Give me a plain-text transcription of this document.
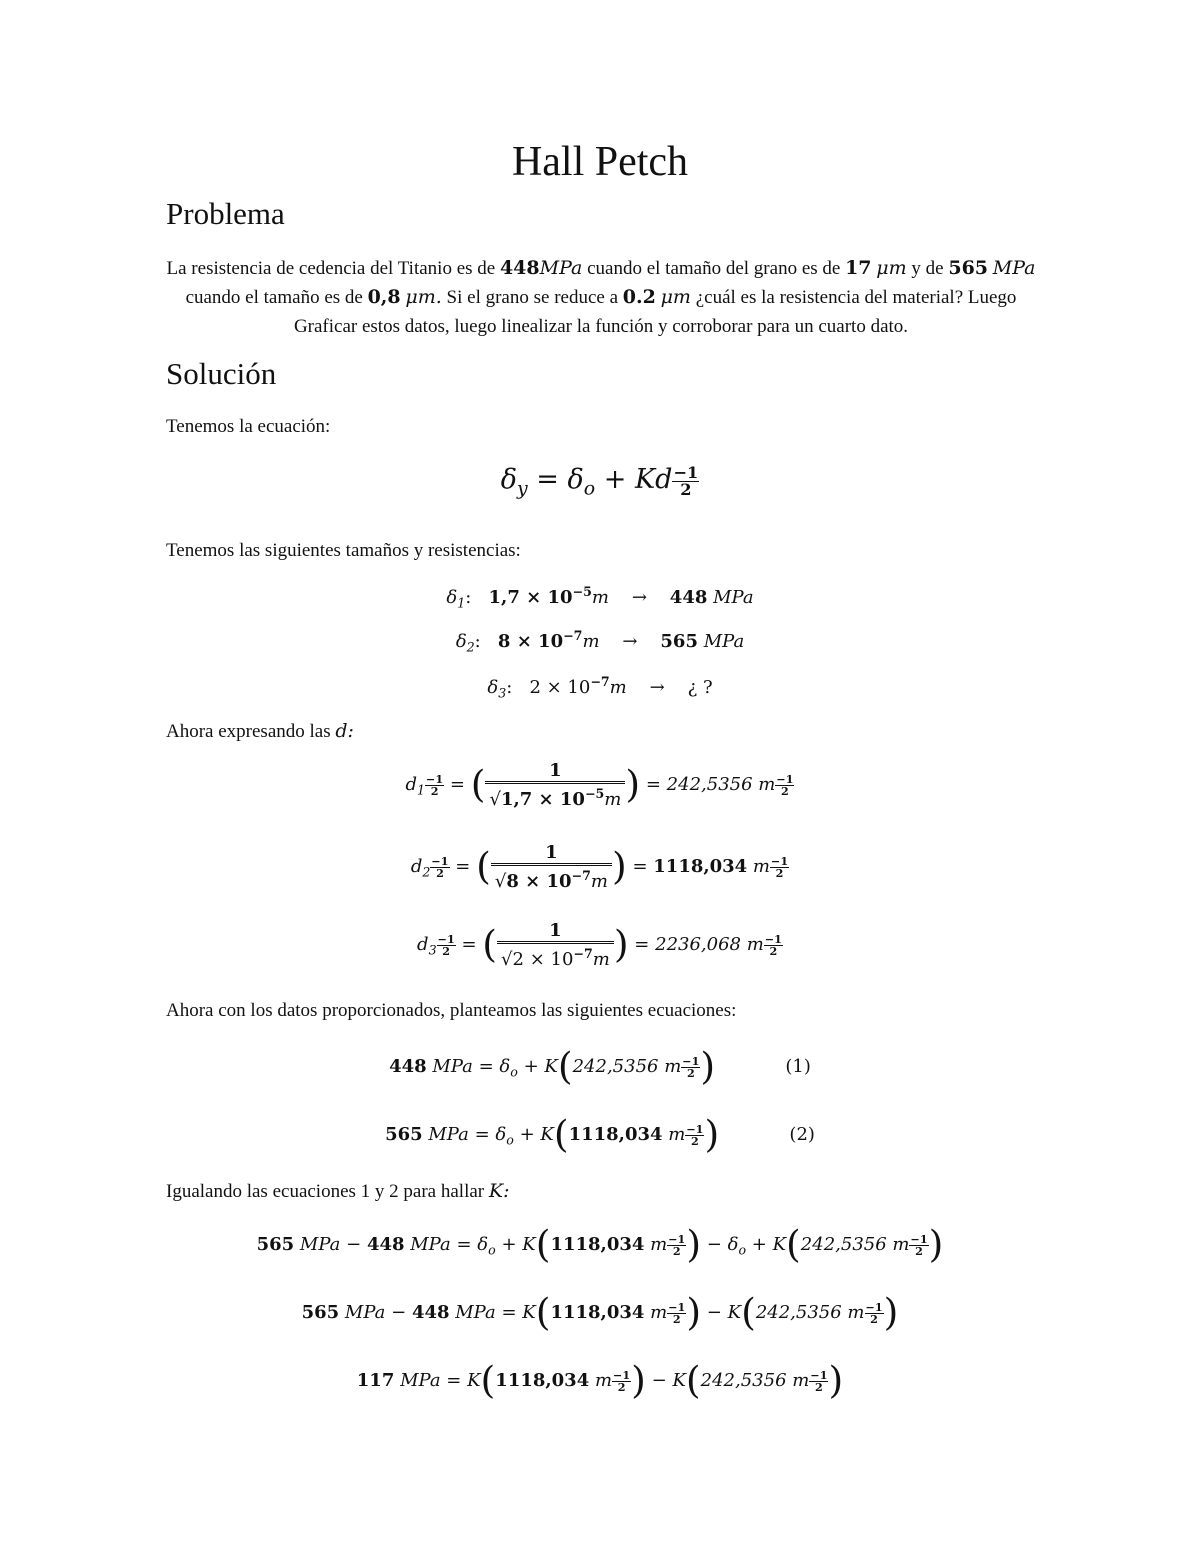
Hall Petch
Problema
La resistencia de cedencia del Titanio es de 448MPa cuando el tamaño del grano es de 17 μm y de 565 MPa cuando el tamaño es de 0,8 μm. Si el grano se reduce a 0.2 μm ¿cuál es la resistencia del material? Luego Graficar estos datos, luego linealizar la función y corroborar para un cuarto dato.
Solución
Tenemos la ecuación:
$\delta_y = \delta_o + Kd \frac{-1}{2}$
Tenemos las siguientes tamaños y resistencias:
$\delta_1$: $1,7 \times 10^{-5}m \to 448$ MPa
$\delta_2$: $8 \times 10^{-7}m \to 565$ MPa
$\delta_3$: $2 \times 10^{-7}m$ → ¿ ?
Ahora expresando las d:
$d_1 \frac{-1}{2}$ = ( $\frac{1}{√1,7 \times 10^{-5}m}$ ) = 242,5356 m $\frac{-1}{2}$
$d_2 \frac{-1}{2}$ = ( $\frac{1}{√8 \times 10^{-7}m}$ ) = 1118,034 m $\frac{-1}{2}$
$d_3 \frac{-1}{2}$ = ( $\frac{1}{√2 \times 10^{-7}m}$ ) = 2236,068 m $\frac{-1}{2}$
Ahora con los datos proporcionados, planteamos las siguientes ecuaciones:
448 MPa = $\delta_o + K(242,5356$ m $\frac{-1}{2}$ )	(1)
565 MPa = $\delta_o + K(1118,034$ m $\frac{-1}{2}$ )	(2)
Igualando las ecuaciones 1 y 2 para hallar K:
565 MPa − 448 MPa = $\delta_o + K(1118,034$ m $\frac{-1}{2}$ ) − $\delta_o + K(242,5356$ m $\frac{-1}{2}$ )
565 MPa − 448 MPa = K(1118,034 m $\frac{-1}{2}$ ) − K(242,5356 m $\frac{-1}{2}$ )
117 MPa = K(1118,034 m $\frac{-1}{2}$ ) − K(242,5356 m $\frac{-1}{2}$ )
